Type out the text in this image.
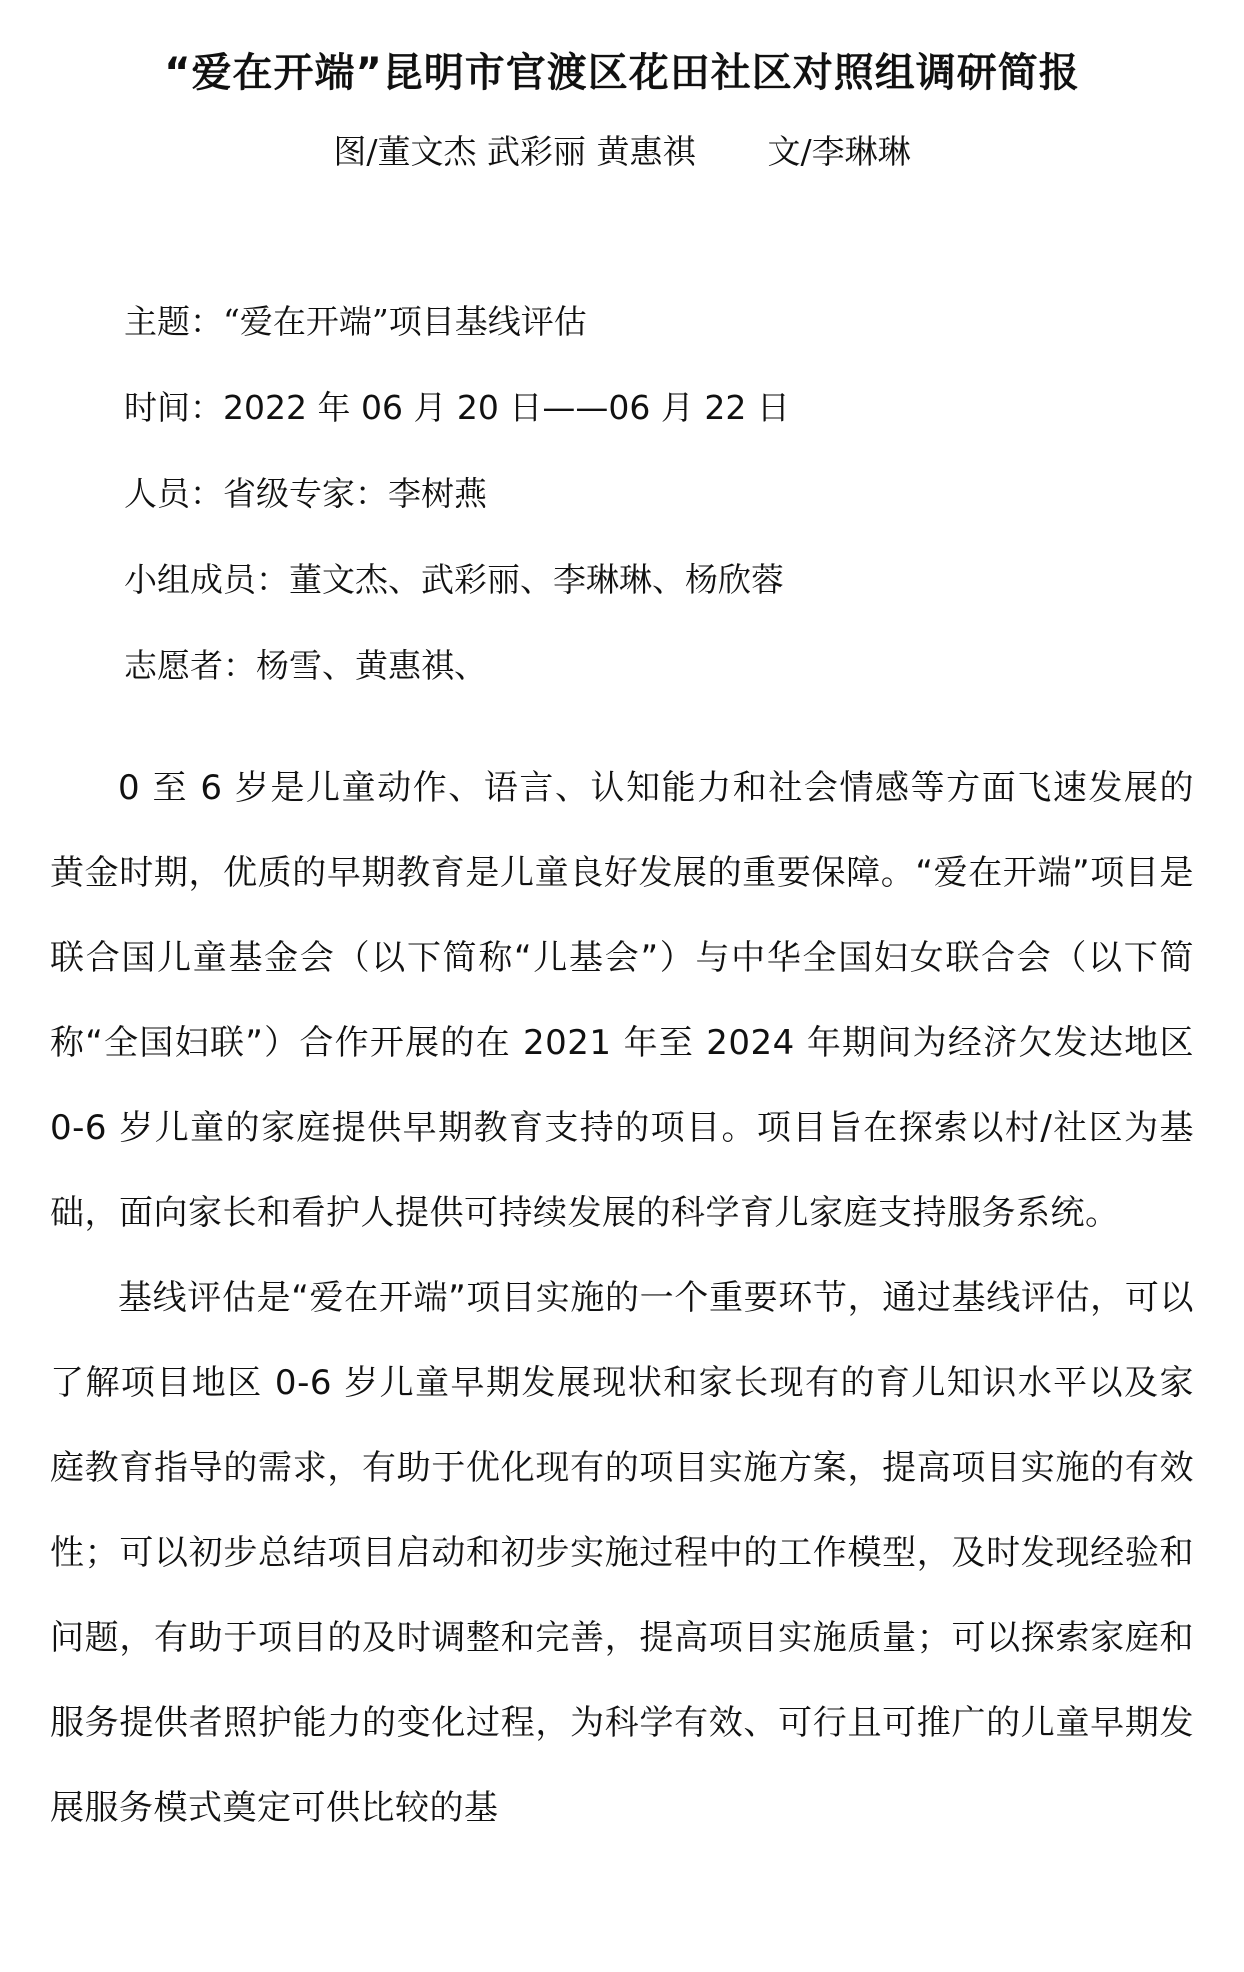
“爱在开端”昆明市官渡区花田社区对照组调研简报
图/董文杰 武彩丽 黄惠祺 文/李琳琳
主题：“爱在开端”项目基线评估
时间：2022 年 06 月 20 日——06 月 22 日
人员：省级专家：李树燕
小组成员：董文杰、武彩丽、李琳琳、杨欣蓉
志愿者：杨雪、黄惠祺、

0 至 6 岁是儿童动作、语言、认知能力和社会情感等方面飞速发展的黄金时期，优质的早期教育是儿童良好发展的重要保障。“爱在开端”项目是联合国儿童基金会（以下简称“儿基会”）与中华全国妇女联合会（以下简称“全国妇联”）合作开展的在 2021 年至 2024 年期间为经济欠发达地区 0-6 岁儿童的家庭提供早期教育支持的项目。项目旨在探索以村/社区为基础，面向家长和看护人提供可持续发展的科学育儿家庭支持服务系统。

基线评估是“爱在开端”项目实施的一个重要环节，通过基线评估，可以了解项目地区 0-6 岁儿童早期发展现状和家长现有的育儿知识水平以及家庭教育指导的需求，有助于优化现有的项目实施方案，提高项目实施的有效性；可以初步总结项目启动和初步实施过程中的工作模型，及时发现经验和问题，有助于项目的及时调整和完善，提高项目实施质量；可以探索家庭和服务提供者照护能力的变化过程，为科学有效、可行且可推广的儿童早期发展服务模式奠定可供比较的基
